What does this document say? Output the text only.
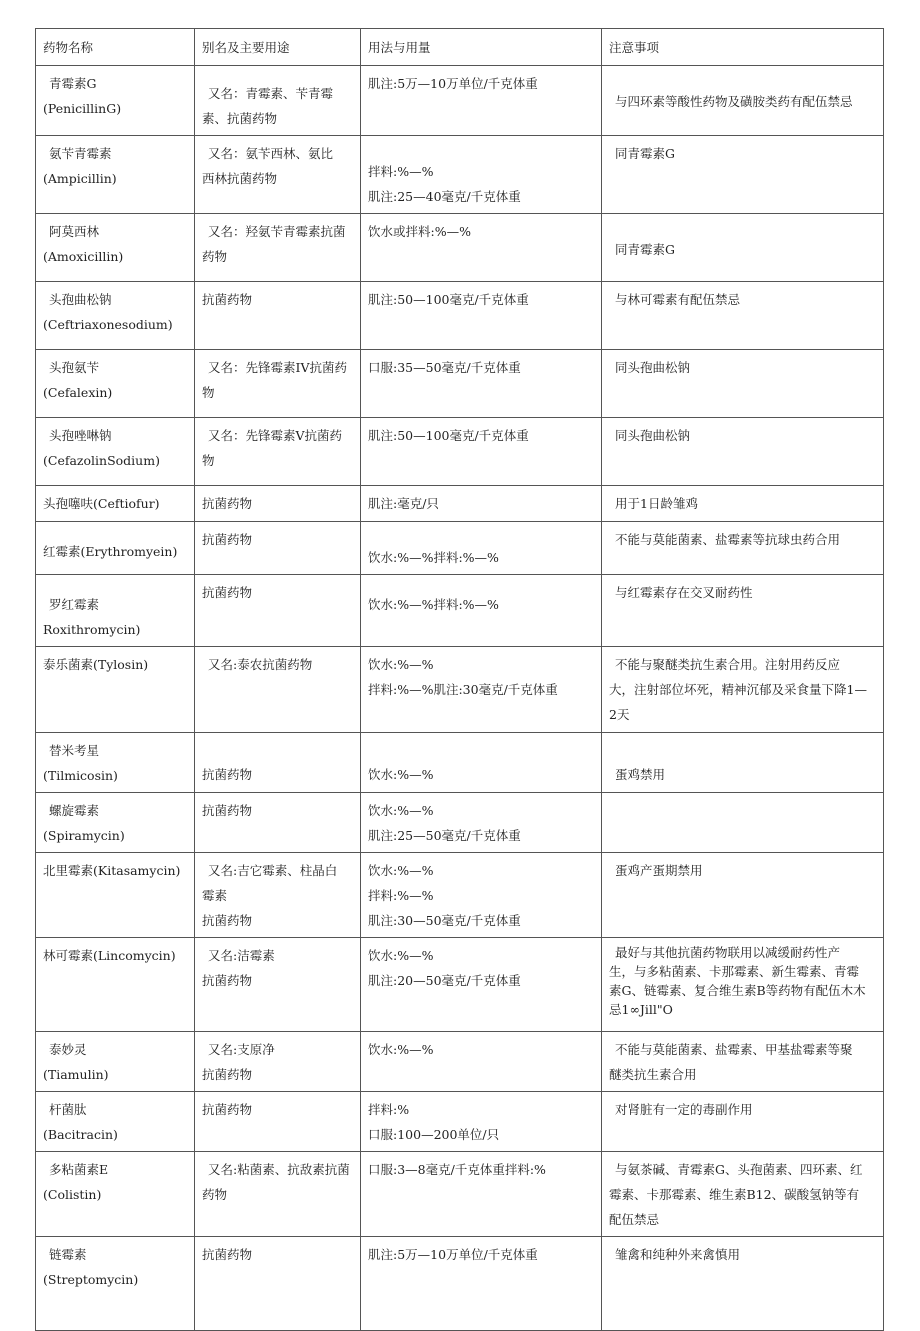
药物名称	别名及主要用途	用法与用量	注意事项

青霉素G
(PenicillinG)	又名：青霉素、苄青霉
素、抗菌药物	肌注:5万—10万单位/千克体重	与四环素等酸性药物及磺胺类药有配伍禁忌

氨苄青霉素
(Ampicillin)	又名：氨苄西林、氨比
西林抗菌药物	拌料:%—%
肌注:25—40毫克/千克体重	同青霉素G

阿莫西林
(Amoxicillin)	又名：羟氨苄青霉素抗菌
药物	饮水或拌料:%—%	同青霉素G

头孢曲松钠
(Ceftriaxonesodium)	抗菌药物	肌注:50—100毫克/千克体重	与林可霉素有配伍禁忌

头孢氨苄
(Cefalexin)	又名：先锋霉素IV抗菌药
物	口服:35—50毫克/千克体重	同头孢曲松钠

头孢唑啉钠
(CefazolinSodium)	又名：先锋霉素V抗菌药
物	肌注:50—100毫克/千克体重	同头孢曲松钠

头孢噻呋(Ceftiofur)	抗菌药物	肌注:毫克/只	用于1日龄雏鸡

红霉素(Erythromyein)	抗菌药物	饮水:%—%拌料:%—%	不能与莫能菌素、盐霉素等抗球虫药合用

罗红霉素
Roxithromycin)	抗菌药物	饮水:%—%拌料:%—%	与红霉素存在交叉耐药性

泰乐菌素(Tylosin)	又名:泰农抗菌药物	饮水:%—%
拌料:%—%肌注:30毫克/千克体重	不能与聚醚类抗生素合用。注射用药反应
大，注射部位坏死，精神沉郁及采食量下降1—
2天

替米考星
(Tilmicosin)	抗菌药物	饮水:%—%	蛋鸡禁用

螺旋霉素
(Spiramycin)	抗菌药物	饮水:%—%
肌注:25—50毫克/千克体重	

北里霉素(Kitasamycin)	又名:吉它霉素、柱晶白
霉素
抗菌药物	饮水:%—%
拌料:%—%
肌注:30—50毫克/千克体重	蛋鸡产蛋期禁用

林可霉素(Lincomycin)	又名:洁霉素
抗菌药物	饮水:%—%
肌注:20—50毫克/千克体重	最好与其他抗菌药物联用以减缓耐药性产
生，与多粘菌素、卡那霉素、新生霉素、青霉
素G、链霉素、复合维生素B等药物有配伍木木
忌1∞Jill"O

泰妙灵
(Tiamulin)	又名:支原净
抗菌药物	饮水:%—%	不能与莫能菌素、盐霉素、甲基盐霉素等聚
醚类抗生素合用

杆菌肽
(Bacitracin)	抗菌药物	拌料:%
口服:100—200单位/只	对肾脏有一定的毒副作用

多粘菌素E
(Colistin)	又名:粘菌素、抗敌素抗菌
药物	口服:3—8毫克/千克体重拌料:%	与氨茶碱、青霉素G、头孢菌素、四环素、红
霉素、卡那霉素、维生素B12、碳酸氢钠等有
配伍禁忌

链霉素
(Streptomycin)	抗菌药物	肌注:5万—10万单位/千克体重	雏禽和纯种外来禽慎用
